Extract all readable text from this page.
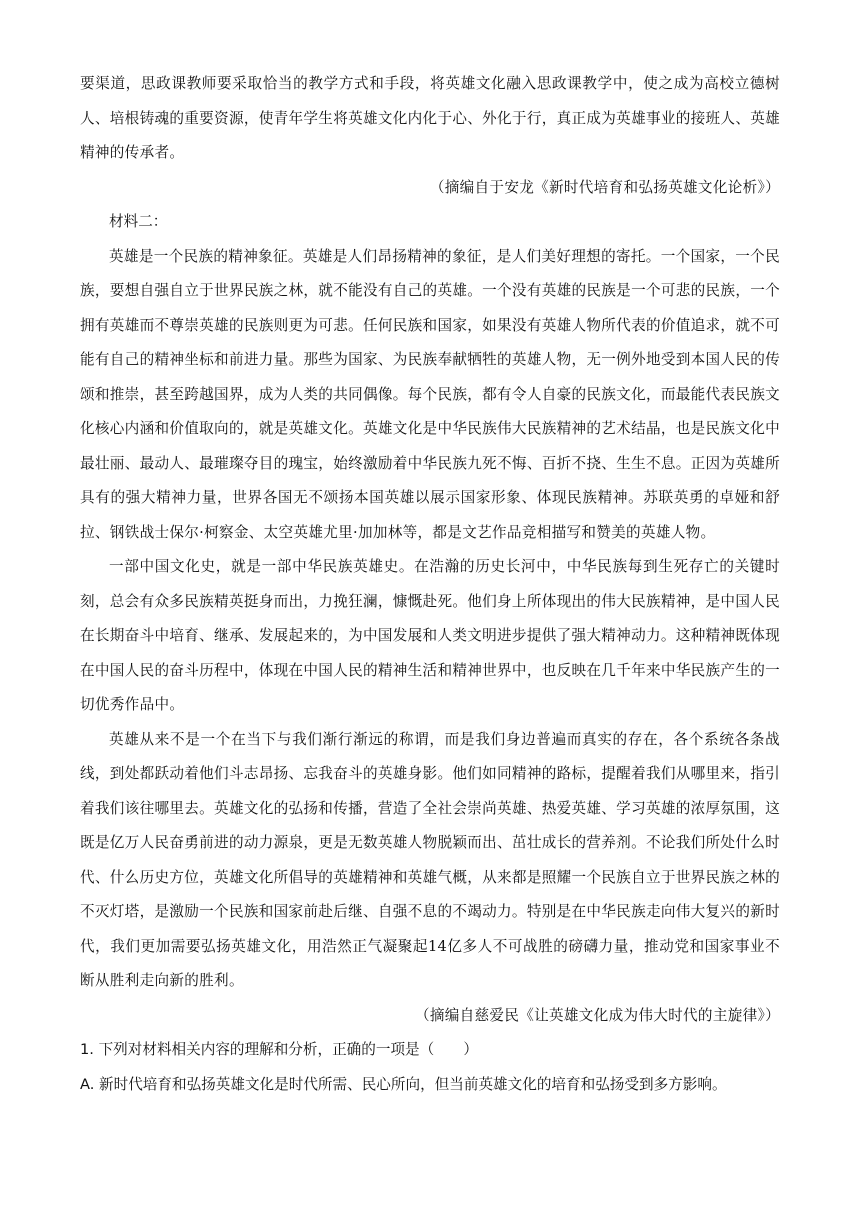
要渠道，思政课教师要采取恰当的教学方式和手段，将英雄文化融入思政课教学中，使之成为高校立德树人、培根铸魂的重要资源，使青年学生将英雄文化内化于心、外化于行，真正成为英雄事业的接班人、英雄精神的传承者。

（摘编自于安龙《新时代培育和弘扬英雄文化论析》）

材料二：

英雄是一个民族的精神象征。英雄是人们昂扬精神的象征，是人们美好理想的寄托。一个国家，一个民族，要想自强自立于世界民族之林，就不能没有自己的英雄。一个没有英雄的民族是一个可悲的民族，一个拥有英雄而不尊崇英雄的民族则更为可悲。任何民族和国家，如果没有英雄人物所代表的价值追求，就不可能有自己的精神坐标和前进力量。那些为国家、为民族奉献牺牲的英雄人物，无一例外地受到本国人民的传颂和推崇，甚至跨越国界，成为人类的共同偶像。每个民族，都有令人自豪的民族文化，而最能代表民族文化核心内涵和价值取向的，就是英雄文化。英雄文化是中华民族伟大民族精神的艺术结晶，也是民族文化中最壮丽、最动人、最璀璨夺目的瑰宝，始终激励着中华民族九死不悔、百折不挠、生生不息。正因为英雄所具有的强大精神力量，世界各国无不颂扬本国英雄以展示国家形象、体现民族精神。苏联英勇的卓娅和舒拉、钢铁战士保尔·柯察金、太空英雄尤里·加加林等，都是文艺作品竞相描写和赞美的英雄人物。

一部中国文化史，就是一部中华民族英雄史。在浩瀚的历史长河中，中华民族每到生死存亡的关键时刻，总会有众多民族精英挺身而出，力挽狂澜，慷慨赴死。他们身上所体现出的伟大民族精神，是中国人民在长期奋斗中培育、继承、发展起来的，为中国发展和人类文明进步提供了强大精神动力。这种精神既体现在中国人民的奋斗历程中，体现在中国人民的精神生活和精神世界中，也反映在几千年来中华民族产生的一切优秀作品中。

英雄从来不是一个在当下与我们渐行渐远的称谓，而是我们身边普遍而真实的存在，各个系统各条战线，到处都跃动着他们斗志昂扬、忘我奋斗的英雄身影。他们如同精神的路标，提醒着我们从哪里来，指引着我们该往哪里去。英雄文化的弘扬和传播，营造了全社会崇尚英雄、热爱英雄、学习英雄的浓厚氛围，这既是亿万人民奋勇前进的动力源泉，更是无数英雄人物脱颖而出、茁壮成长的营养剂。不论我们所处什么时代、什么历史方位，英雄文化所倡导的英雄精神和英雄气概，从来都是照耀一个民族自立于世界民族之林的不灭灯塔，是激励一个民族和国家前赴后继、自强不息的不竭动力。特别是在中华民族走向伟大复兴的新时代，我们更加需要弘扬英雄文化，用浩然正气凝聚起14亿多人不可战胜的磅礴力量，推动党和国家事业不断从胜利走向新的胜利。

（摘编自慈爱民《让英雄文化成为伟大时代的主旋律》）

1. 下列对材料相关内容的理解和分析，正确的一项是（　　）

A. 新时代培育和弘扬英雄文化是时代所需、民心所向，但当前英雄文化的培育和弘扬受到多方影响。
